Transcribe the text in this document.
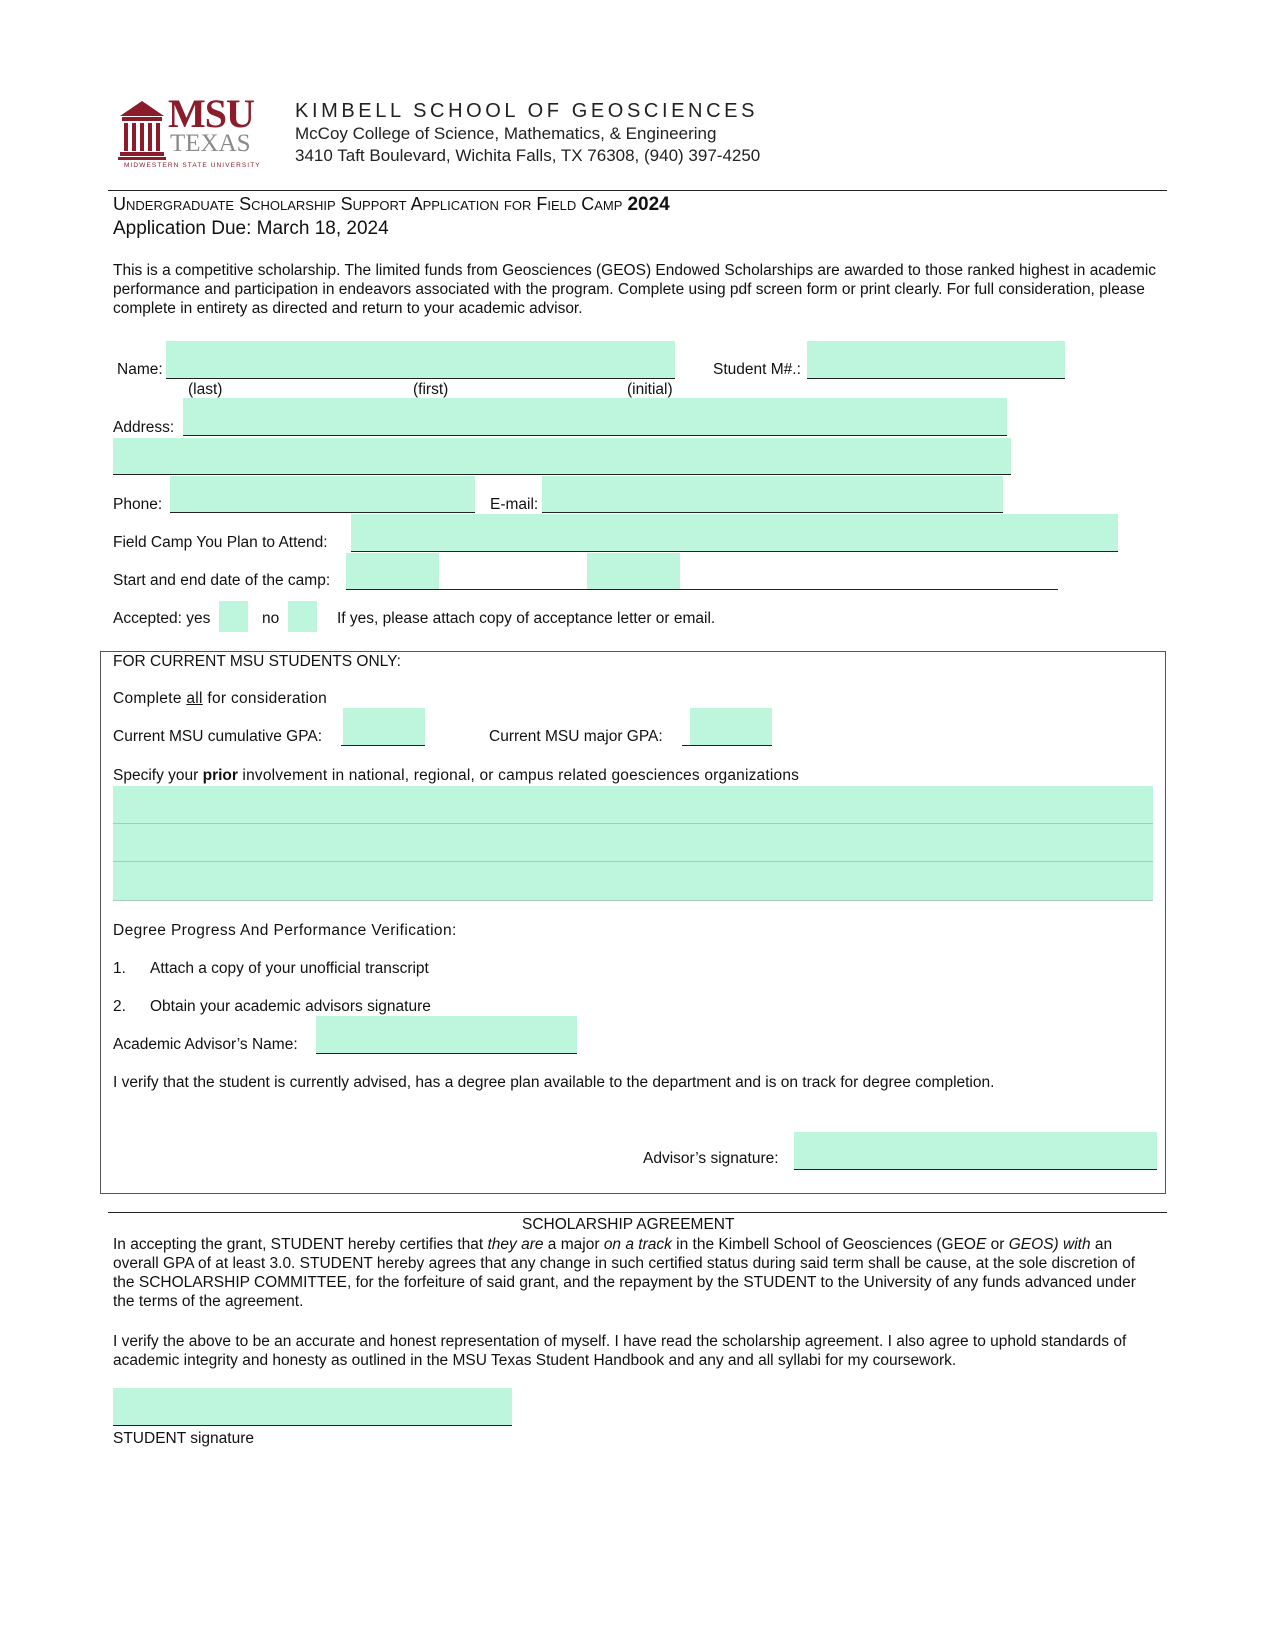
MSU
TEXAS
MIDWESTERN STATE UNIVERSITY
KIMBELL SCHOOL OF GEOSCIENCES
McCoy College of Science, Mathematics, & Engineering
3410 Taft Boulevard, Wichita Falls, TX 76308, (940) 397-4250
Undergraduate Scholarship Support Application for Field Camp 2024
Application Due: March 18, 2024
This is a competitive scholarship. The limited funds from Geosciences (GEOS) Endowed Scholarships are awarded to those ranked highest in academic performance and participation in endeavors associated with the program. Complete using pdf screen form or print clearly. For full consideration, please complete in entirety as directed and return to your academic advisor.
Name:
(last)	(first)	(initial)
Student M#.:
Address:
Phone:	E-mail:
Field Camp You Plan to Attend:
Start and end date of the camp:
Accepted: yes	no	If yes, please attach copy of acceptance letter or email.
FOR CURRENT MSU STUDENTS ONLY:
Complete all for consideration
Current MSU cumulative GPA:	Current MSU major GPA:
Specify your prior involvement in national, regional, or campus related goesciences organizations
Degree Progress And Performance Verification:
1. Attach a copy of your unofficial transcript
2. Obtain your academic advisors signature
Academic Advisor’s Name:
I verify that the student is currently advised, has a degree plan available to the department and is on track for degree completion.
Advisor’s signature:
SCHOLARSHIP AGREEMENT
In accepting the grant, STUDENT hereby certifies that they are a major on a track in the Kimbell School of Geosciences (GEOE or GEOS) with an overall GPA of at least 3.0. STUDENT hereby agrees that any change in such certified status during said term shall be cause, at the sole discretion of the SCHOLARSHIP COMMITTEE, for the forfeiture of said grant, and the repayment by the STUDENT to the University of any funds advanced under the terms of the agreement.
I verify the above to be an accurate and honest representation of myself. I have read the scholarship agreement. I also agree to uphold standards of academic integrity and honesty as outlined in the MSU Texas Student Handbook and any and all syllabi for my coursework.
STUDENT signature
